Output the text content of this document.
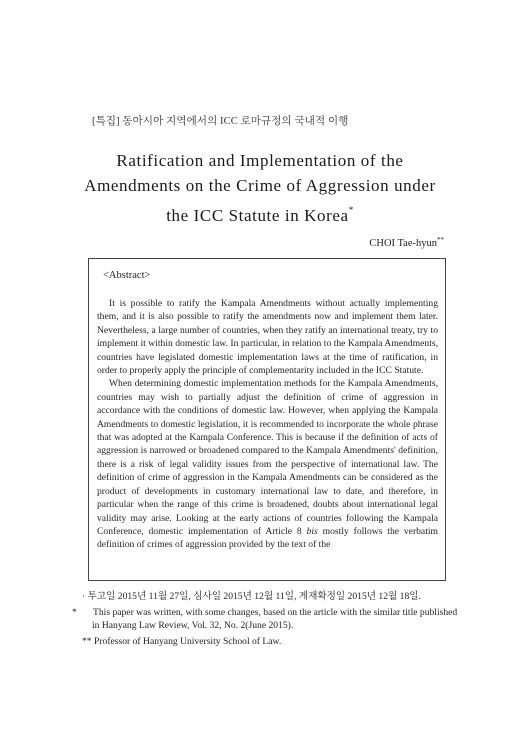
[특집] 동아시아 지역에서의 ICC 로마규정의 국내적 이행
Ratification and Implementation of the
Amendments on the Crime of Aggression under
the ICC Statute in Korea*
CHOI Tae-hyun**
<Abstract>

It is possible to ratify the Kampala Amendments without actually implementing them, and it is also possible to ratify the amendments now and implement them later. Nevertheless, a large number of countries, when they ratify an international treaty, try to implement it within domestic law. In particular, in relation to the Kampala Amendments, countries have legislated domestic implementation laws at the time of ratification, in order to properly apply the principle of complementarity included in the ICC Statute.

When determining domestic implementation methods for the Kampala Amendments, countries may wish to partially adjust the definition of crime of aggression in accordance with the conditions of domestic law. However, when applying the Kampala Amendments to domestic legislation, it is recommended to incorporate the whole phrase that was adopted at the Kampala Conference. This is because if the definition of acts of aggression is narrowed or broadened compared to the Kampala Amendments' definition, there is a risk of legal validity issues from the perspective of international law. The definition of crime of aggression in the Kampala Amendments can be considered as the product of developments in customary international law to date, and therefore, in particular when the range of this crime is broadened, doubts about international legal validity may arise. Looking at the early actions of countries following the Kampala Conference, domestic implementation of Article 8 bis mostly follows the verbatim definition of crimes of aggression provided by the text of the

· 투고일 2015년 11월 27일, 심사일 2015년 12월 11일, 게재확정일 2015년 12월 18일.

* This paper was written, with some changes, based on the article with the similar title published in Hanyang Law Review, Vol. 32, No. 2(June 2015).

** Professor of Hanyang University School of Law.
